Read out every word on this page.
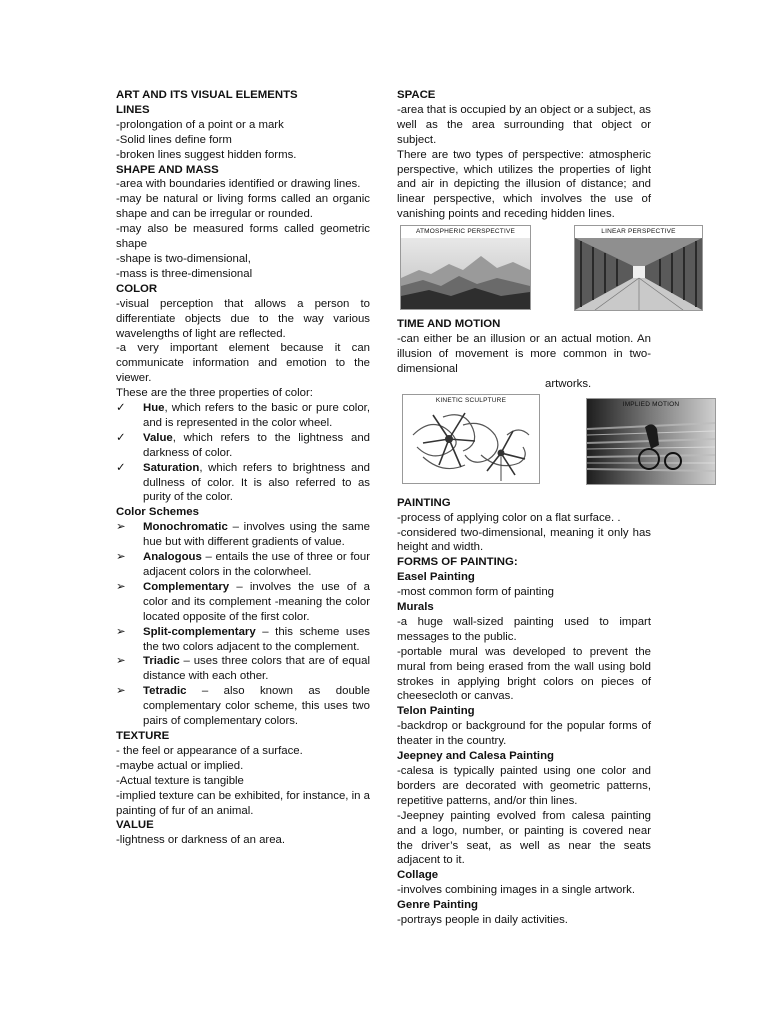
ART AND ITS VISUAL ELEMENTS

LINES

-prolongation of a point or a mark

-Solid lines define form

-broken lines suggest hidden forms.

SHAPE AND MASS

-area with boundaries identified or drawing lines.

-may be natural or living forms called an organic shape and can be irregular or rounded.

-may also be measured forms called geometric shape

-shape is two-dimensional,

-mass is three-dimensional

COLOR

-visual perception that allows a person to differentiate objects due to the way various wavelengths of light are reflected.

-a very important element because it can communicate information and emotion to the viewer.

These are the three properties of color:

✓	Hue, which refers to the basic or pure color, and is represented in the color wheel.
✓	Value, which refers to the lightness and darkness of color.
✓	Saturation, which refers to brightness and dullness of color. It is also referred to as purity of the color.

Color Schemes

➢	Monochromatic – involves using the same hue but with different gradients of value.
➢	Analogous – entails the use of three or four adjacent colors in the colorwheel.
➢	Complementary – involves the use of a color and its complement -meaning the color located opposite of the first color.
➢	Split-complementary – this scheme uses the two colors adjacent to the complement.
➢	Triadic – uses three colors that are of equal distance with each other.
➢	Tetradic – also known as double complementary color scheme, this uses two pairs of complementary colors.

TEXTURE

- the feel or appearance of a surface.

-maybe actual or implied.

-Actual texture is tangible

-implied texture can be exhibited, for instance, in a painting of fur of an animal.

VALUE

-lightness or darkness of an area.

SPACE

-area that is occupied by an object or a subject, as well as the area surrounding that object or subject.

There are two types of perspective: atmospheric perspective, which utilizes the properties of light and air in depicting the illusion of distance; and linear perspective, which involves the use of vanishing points and receding hidden lines.

ATMOSPHERIC PERSPECTIVE	LINEAR PERSPECTIVE

TIME AND MOTION

-can either be an illusion or an actual motion. An illusion of movement is more common in two-dimensional

artworks.

KINETIC SCULPTURE
IMPLIED MOTION

PAINTING

-process of applying color on a flat surface. .

-considered two-dimensional, meaning it only has height and width.

FORMS OF PAINTING:

Easel Painting

-most common form of painting

Murals

-a huge wall-sized painting used to impart messages to the public.

-portable mural was developed to prevent the mural from being erased from the wall using bold strokes in applying bright colors on pieces of cheesecloth or canvas.

Telon Painting

-backdrop or background for the popular forms of theater in the country.

Jeepney and Calesa Painting

-calesa is typically painted using one color and borders are decorated with geometric patterns, repetitive patterns, and/or thin lines.

-Jeepney painting evolved from calesa painting and a logo, number, or painting is covered near the driver’s seat, as well as near the seats adjacent to it.

Collage

-involves combining images in a single artwork.

Genre Painting

-portrays people in daily activities.
